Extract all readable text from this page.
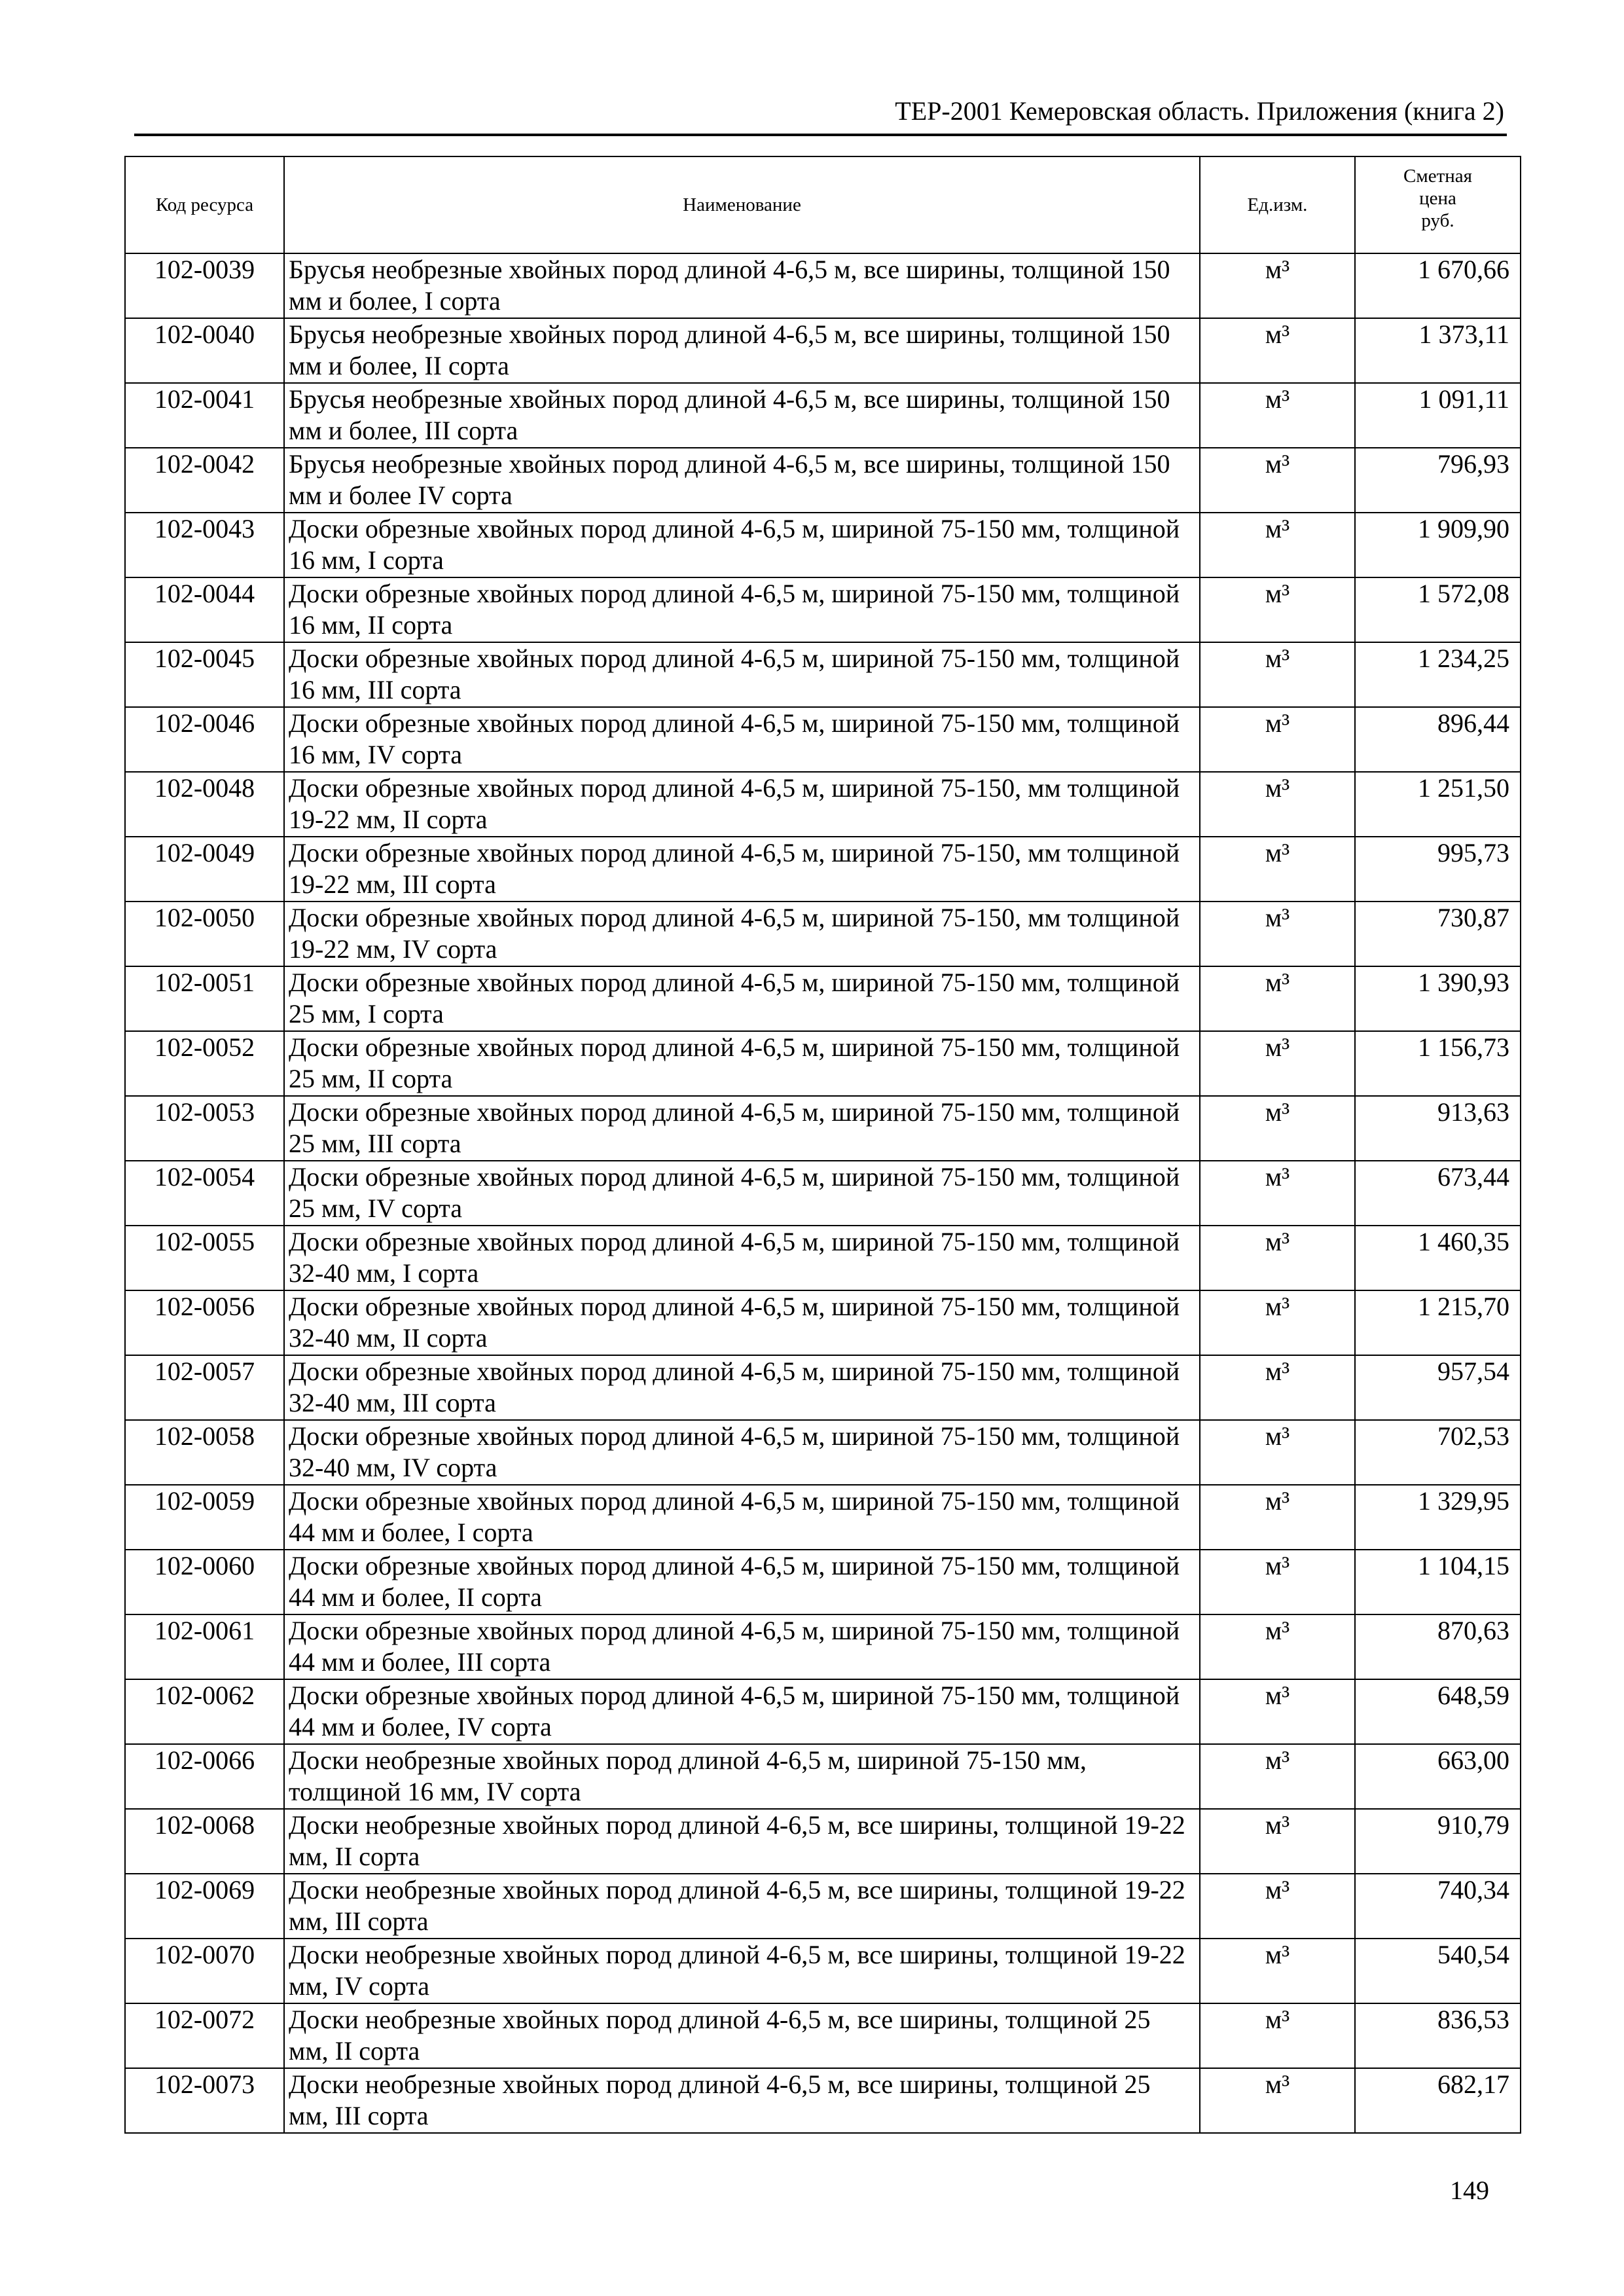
ТЕР-2001 Кемеровская область. Приложения (книга 2)
Код ресурса	Наименование	Ед.изм.	Сметная
цена
руб.

102-0039	Брусья необрезные хвойных пород длиной 4-6,5 м, все ширины, толщиной 150 мм и более, I сорта	м³	1 670,66
102-0040	Брусья необрезные хвойных пород длиной 4-6,5 м, все ширины, толщиной 150 мм и более, II сорта	м³	1 373,11
102-0041	Брусья необрезные хвойных пород длиной 4-6,5 м, все ширины, толщиной 150 мм и более, III сорта	м³	1 091,11
102-0042	Брусья необрезные хвойных пород длиной 4-6,5 м, все ширины, толщиной 150 мм и более IV сорта	м³	796,93
102-0043	Доски обрезные хвойных пород длиной 4-6,5 м, шириной 75-150 мм, толщиной 16 мм, I сорта	м³	1 909,90
102-0044	Доски обрезные хвойных пород длиной 4-6,5 м, шириной 75-150 мм, толщиной 16 мм, II сорта	м³	1 572,08
102-0045	Доски обрезные хвойных пород длиной 4-6,5 м, шириной 75-150 мм, толщиной 16 мм, III сорта	м³	1 234,25
102-0046	Доски обрезные хвойных пород длиной 4-6,5 м, шириной 75-150 мм, толщиной 16 мм, IV сорта	м³	896,44
102-0048	Доски обрезные хвойных пород длиной 4-6,5 м, шириной 75-150, мм толщиной 19-22 мм, II сорта	м³	1 251,50
102-0049	Доски обрезные хвойных пород длиной 4-6,5 м, шириной 75-150, мм толщиной 19-22 мм, III сорта	м³	995,73
102-0050	Доски обрезные хвойных пород длиной 4-6,5 м, шириной 75-150, мм толщиной 19-22 мм, IV сорта	м³	730,87
102-0051	Доски обрезные хвойных пород длиной 4-6,5 м, шириной 75-150 мм, толщиной 25 мм, I сорта	м³	1 390,93
102-0052	Доски обрезные хвойных пород длиной 4-6,5 м, шириной 75-150 мм, толщиной 25 мм, II сорта	м³	1 156,73
102-0053	Доски обрезные хвойных пород длиной 4-6,5 м, шириной 75-150 мм, толщиной 25 мм, III сорта	м³	913,63
102-0054	Доски обрезные хвойных пород длиной 4-6,5 м, шириной 75-150 мм, толщиной 25 мм, IV сорта	м³	673,44
102-0055	Доски обрезные хвойных пород длиной 4-6,5 м, шириной 75-150 мм, толщиной 32-40 мм, I сорта	м³	1 460,35
102-0056	Доски обрезные хвойных пород длиной 4-6,5 м, шириной 75-150 мм, толщиной 32-40 мм, II сорта	м³	1 215,70
102-0057	Доски обрезные хвойных пород длиной 4-6,5 м, шириной 75-150 мм, толщиной 32-40 мм, III сорта	м³	957,54
102-0058	Доски обрезные хвойных пород длиной 4-6,5 м, шириной 75-150 мм, толщиной 32-40 мм, IV сорта	м³	702,53
102-0059	Доски обрезные хвойных пород длиной 4-6,5 м, шириной 75-150 мм, толщиной 44 мм и более, I сорта	м³	1 329,95
102-0060	Доски обрезные хвойных пород длиной 4-6,5 м, шириной 75-150 мм, толщиной 44 мм и более, II сорта	м³	1 104,15
102-0061	Доски обрезные хвойных пород длиной 4-6,5 м, шириной 75-150 мм, толщиной 44 мм и более, III сорта	м³	870,63
102-0062	Доски обрезные хвойных пород длиной 4-6,5 м, шириной 75-150 мм, толщиной 44 мм и более, IV сорта	м³	648,59
102-0066	Доски необрезные хвойных пород длиной 4-6,5 м, шириной 75-150 мм, толщиной 16 мм, IV сорта	м³	663,00
102-0068	Доски необрезные хвойных пород длиной 4-6,5 м, все ширины, толщиной 19-22 мм, II сорта	м³	910,79
102-0069	Доски необрезные хвойных пород длиной 4-6,5 м, все ширины, толщиной 19-22 мм, III сорта	м³	740,34
102-0070	Доски необрезные хвойных пород длиной 4-6,5 м, все ширины, толщиной 19-22 мм, IV сорта	м³	540,54
102-0072	Доски необрезные хвойных пород длиной 4-6,5 м, все ширины, толщиной 25 мм, II сорта	м³	836,53
102-0073	Доски необрезные хвойных пород длиной 4-6,5 м, все ширины, толщиной 25 мм, III сорта	м³	682,17
149
